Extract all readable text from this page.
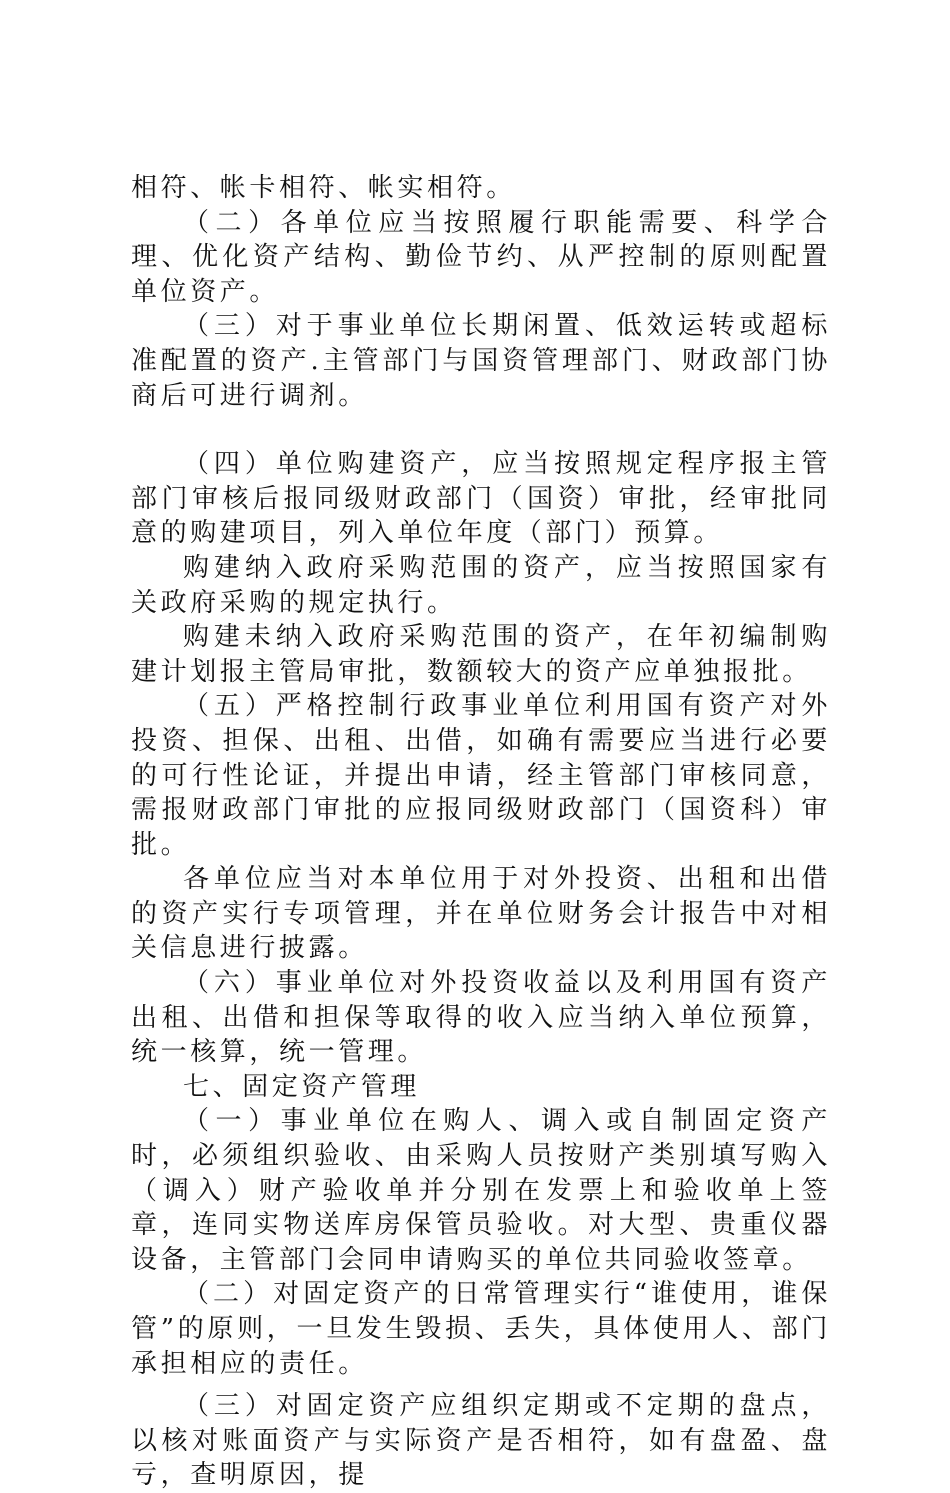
相符、帐卡相符、帐实相符。

（二）各单位应当按照履行职能需要、科学合理、优化资产结构、勤俭节约、从严控制的原则配置单位资产。

（三）对于事业单位长期闲置、低效运转或超标准配置的资产.主管部门与国资管理部门、财政部门协商后可进行调剂。

（四）单位购建资产，应当按照规定程序报主管部门审核后报同级财政部门（国资）审批，经审批同意的购建项目，列入单位年度（部门）预算。

购建纳入政府采购范围的资产，应当按照国家有关政府采购的规定执行。

购建未纳入政府采购范围的资产，在年初编制购建计划报主管局审批，数额较大的资产应单独报批。

（五）严格控制行政事业单位利用国有资产对外投资、担保、出租、出借，如确有需要应当进行必要的可行性论证，并提出申请，经主管部门审核同意，需报财政部门审批的应报同级财政部门（国资科）审批。

各单位应当对本单位用于对外投资、出租和出借的资产实行专项管理，并在单位财务会计报告中对相关信息进行披露。

（六）事业单位对外投资收益以及利用国有资产出租、出借和担保等取得的收入应当纳入单位预算，统一核算，统一管理。

七、固定资产管理

（一）事业单位在购人、调入或自制固定资产时，必须组织验收、由采购人员按财产类别填写购入（调入）财产验收单并分别在发票上和验收单上签章，连同实物送库房保管员验收。对大型、贵重仪器设备，主管部门会同申请购买的单位共同验收签章。

（二）对固定资产的日常管理实行“谁使用，谁保管”的原则，一旦发生毁损、丢失，具体使用人、部门承担相应的责任。

（三）对固定资产应组织定期或不定期的盘点，以核对账面资产与实际资产是否相符，如有盘盈、盘亏，查明原因，提
